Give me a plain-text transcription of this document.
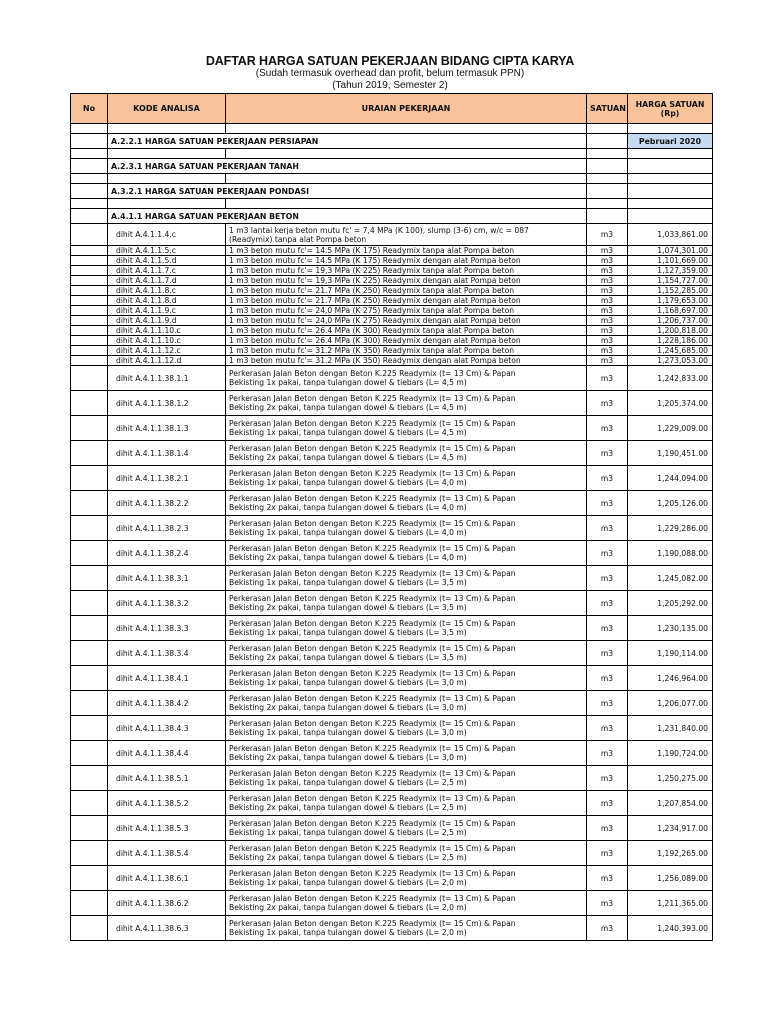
DAFTAR HARGA SATUAN PEKERJAAN BIDANG CIPTA KARYA
(Sudah termasuk overhead dan profit, belum termasuk PPN)
(Tahun 2019, Semester 2)
No	KODE ANALISA	URAIAN PEKERJAAN	SATUAN	HARGA SATUAN
(Rp)

	A.2.2.1 HARGA SATUAN PEKERJAAN PERSIAPAN			Pebruari 2020

	A.2.3.1 HARGA SATUAN PEKERJAAN TANAH			

	A.3.2.1 HARGA SATUAN PEKERJAAN PONDASI			

	A.4.1.1 HARGA SATUAN PEKERJAAN BETON			
	dihit A.4.1.1.4.c	1 m3 lantai kerja beton mutu fc' = 7,4 MPa (K 100), slump (3-6) cm, w/c = 087
(Readymix) tanpa alat Pompa beton	m3	1,033,861.00
	dihit A.4.1.1.5.c	1 m3 beton mutu fc'= 14.5 MPa (K 175) Readymix tanpa alat Pompa beton	m3	1,074,301.00
	dihit A.4.1.1.5.d	1 m3 beton mutu fc'= 14.5 MPa (K 175) Readymix dengan alat Pompa beton	m3	1,101,669.00
	dihit A.4.1.1.7.c	1 m3 beton mutu fc'= 19,3 MPa (K 225) Readymix tanpa alat Pompa beton	m3	1,127,359.00
	dihit A.4.1.1.7.d	1 m3 beton mutu fc'= 19,3 MPa (K 225) Readymix dengan alat Pompa beton	m3	1,154,727.00
	dihit A.4.1.1.8.c	1 m3 beton mutu fc'= 21.7 MPa (K 250) Readymix tanpa alat Pompa beton	m3	1,152,285.00
	dihit A.4.1.1.8.d	1 m3 beton mutu fc'= 21.7 MPa (K 250) Readymix dengan alat Pompa beton	m3	1,179,653.00
	dihit A.4.1.1.9.c	1 m3 beton mutu fc'= 24,0 MPa (K 275) Readymix tanpa alat Pompa beton	m3	1,168,697.00
	dihit A.4.1.1.9.d	1 m3 beton mutu fc'= 24,0 MPa (K 275) Readymix dengan alat Pompa beton	m3	1,206,737.00
	dihit A.4.1.1.10.c	1 m3 beton mutu fc'= 26.4 MPa (K 300) Readymix tanpa alat Pompa beton	m3	1,200,818.00
	dihit A.4.1.1.10.c	1 m3 beton mutu fc'= 26.4 MPa (K 300) Readymix dengan alat Pompa beton	m3	1,228,186.00
	dihit A.4.1.1.12.c	1 m3 beton mutu fc'= 31.2 MPa (K 350) Readymix tanpa alat Pompa beton	m3	1,245,685.00
	dihit A.4.1.1.12.d	1 m3 beton mutu fc'= 31.2 MPa (K 350) Readymix dengan alat Pompa beton	m3	1,273,053.00
	dihit A.4.1.1.38.1.1	Perkerasan Jalan Beton dengan Beton K.225 Readymix (t= 13 Cm) & Papan
Bekisting 1x pakai, tanpa tulangan dowel & tiebars (L= 4,5 m)	m3	1,242,833.00
	dihit A.4.1.1.38.1.2	Perkerasan Jalan Beton dengan Beton K.225 Readymix (t= 13 Cm) & Papan
Bekisting 2x pakai, tanpa tulangan dowel & tiebars (L= 4,5 m)	m3	1,205,374.00
	dihit A.4.1.1.38.1.3	Perkerasan Jalan Beton dengan Beton K.225 Readymix (t= 15 Cm) & Papan
Bekisting 1x pakai, tanpa tulangan dowel & tiebars (L= 4,5 m)	m3	1,229,009.00
	dihit A.4.1.1.38.1.4	Perkerasan Jalan Beton dengan Beton K.225 Readymix (t= 15 Cm) & Papan
Bekisting 2x pakai, tanpa tulangan dowel & tiebars (L= 4,5 m)	m3	1,190,451.00
	dihit A.4.1.1.38.2.1	Perkerasan Jalan Beton dengan Beton K.225 Readymix (t= 13 Cm) & Papan
Bekisting 1x pakai, tanpa tulangan dowel & tiebars (L= 4,0 m)	m3	1,244,094.00
	dihit A.4.1.1.38.2.2	Perkerasan Jalan Beton dengan Beton K.225 Readymix (t= 13 Cm) & Papan
Bekisting 2x pakai, tanpa tulangan dowel & tiebars (L= 4,0 m)	m3	1,205,126.00
	dihit A.4.1.1.38.2.3	Perkerasan Jalan Beton dengan Beton K.225 Readymix (t= 15 Cm) & Papan
Bekisting 1x pakai, tanpa tulangan dowel & tiebars (L= 4,0 m)	m3	1,229,286.00
	dihit A.4.1.1.38.2.4	Perkerasan Jalan Beton dengan Beton K.225 Readymix (t= 15 Cm) & Papan
Bekisting 2x pakai, tanpa tulangan dowel & tiebars (L= 4,0 m)	m3	1,190,088.00
	dihit A.4.1.1.38.3.1	Perkerasan Jalan Beton dengan Beton K.225 Readymix (t= 13 Cm) & Papan
Bekisting 1x pakai, tanpa tulangan dowel & tiebars (L= 3,5 m)	m3	1,245,082.00
	dihit A.4.1.1.38.3.2	Perkerasan Jalan Beton dengan Beton K.225 Readymix (t= 13 Cm) & Papan
Bekisting 2x pakai, tanpa tulangan dowel & tiebars (L= 3,5 m)	m3	1,205,292.00
	dihit A.4.1.1.38.3.3	Perkerasan Jalan Beton dengan Beton K.225 Readymix (t= 15 Cm) & Papan
Bekisting 1x pakai, tanpa tulangan dowel & tiebars (L= 3,5 m)	m3	1,230,135.00
	dihit A.4.1.1.38.3.4	Perkerasan Jalan Beton dengan Beton K.225 Readymix (t= 15 Cm) & Papan
Bekisting 2x pakai, tanpa tulangan dowel & tiebars (L= 3,5 m)	m3	1,190,114.00
	dihit A.4.1.1.38.4.1	Perkerasan Jalan Beton dengan Beton K.225 Readymix (t= 13 Cm) & Papan
Bekisting 1x pakai, tanpa tulangan dowel & tiebars (L= 3,0 m)	m3	1,246,964.00
	dihit A.4.1.1.38.4.2	Perkerasan Jalan Beton dengan Beton K.225 Readymix (t= 13 Cm) & Papan
Bekisting 2x pakai, tanpa tulangan dowel & tiebars (L= 3,0 m)	m3	1,206,077.00
	dihit A.4.1.1.38.4.3	Perkerasan Jalan Beton dengan Beton K.225 Readymix (t= 15 Cm) & Papan
Bekisting 1x pakai, tanpa tulangan dowel & tiebars (L= 3,0 m)	m3	1,231,840.00
	dihit A.4.1.1.38.4.4	Perkerasan Jalan Beton dengan Beton K.225 Readymix (t= 15 Cm) & Papan
Bekisting 2x pakai, tanpa tulangan dowel & tiebars (L= 3,0 m)	m3	1,190,724.00
	dihit A.4.1.1.38.5.1	Perkerasan Jalan Beton dengan Beton K.225 Readymix (t= 13 Cm) & Papan
Bekisting 1x pakai, tanpa tulangan dowel & tiebars (L= 2,5 m)	m3	1,250,275.00
	dihit A.4.1.1.38.5.2	Perkerasan Jalan Beton dengan Beton K.225 Readymix (t= 13 Cm) & Papan
Bekisting 2x pakai, tanpa tulangan dowel & tiebars (L= 2,5 m)	m3	1,207,854.00
	dihit A.4.1.1.38.5.3	Perkerasan Jalan Beton dengan Beton K.225 Readymix (t= 15 Cm) & Papan
Bekisting 1x pakai, tanpa tulangan dowel & tiebars (L= 2,5 m)	m3	1,234,917.00
	dihit A.4.1.1.38.5.4	Perkerasan Jalan Beton dengan Beton K.225 Readymix (t= 15 Cm) & Papan
Bekisting 2x pakai, tanpa tulangan dowel & tiebars (L= 2,5 m)	m3	1,192,265.00
	dihit A.4.1.1.38.6.1	Perkerasan Jalan Beton dengan Beton K.225 Readymix (t= 13 Cm) & Papan
Bekisting 1x pakai, tanpa tulangan dowel & tiebars (L= 2,0 m)	m3	1,256,089.00
	dihit A.4.1.1.38.6.2	Perkerasan Jalan Beton dengan Beton K.225 Readymix (t= 13 Cm) & Papan
Bekisting 2x pakai, tanpa tulangan dowel & tiebars (L= 2,0 m)	m3	1,211,365.00
	dihit A.4.1.1.38.6.3	Perkerasan Jalan Beton dengan Beton K.225 Readymix (t= 15 Cm) & Papan
Bekisting 1x pakai, tanpa tulangan dowel & tiebars (L= 2,0 m)	m3	1,240,393.00
